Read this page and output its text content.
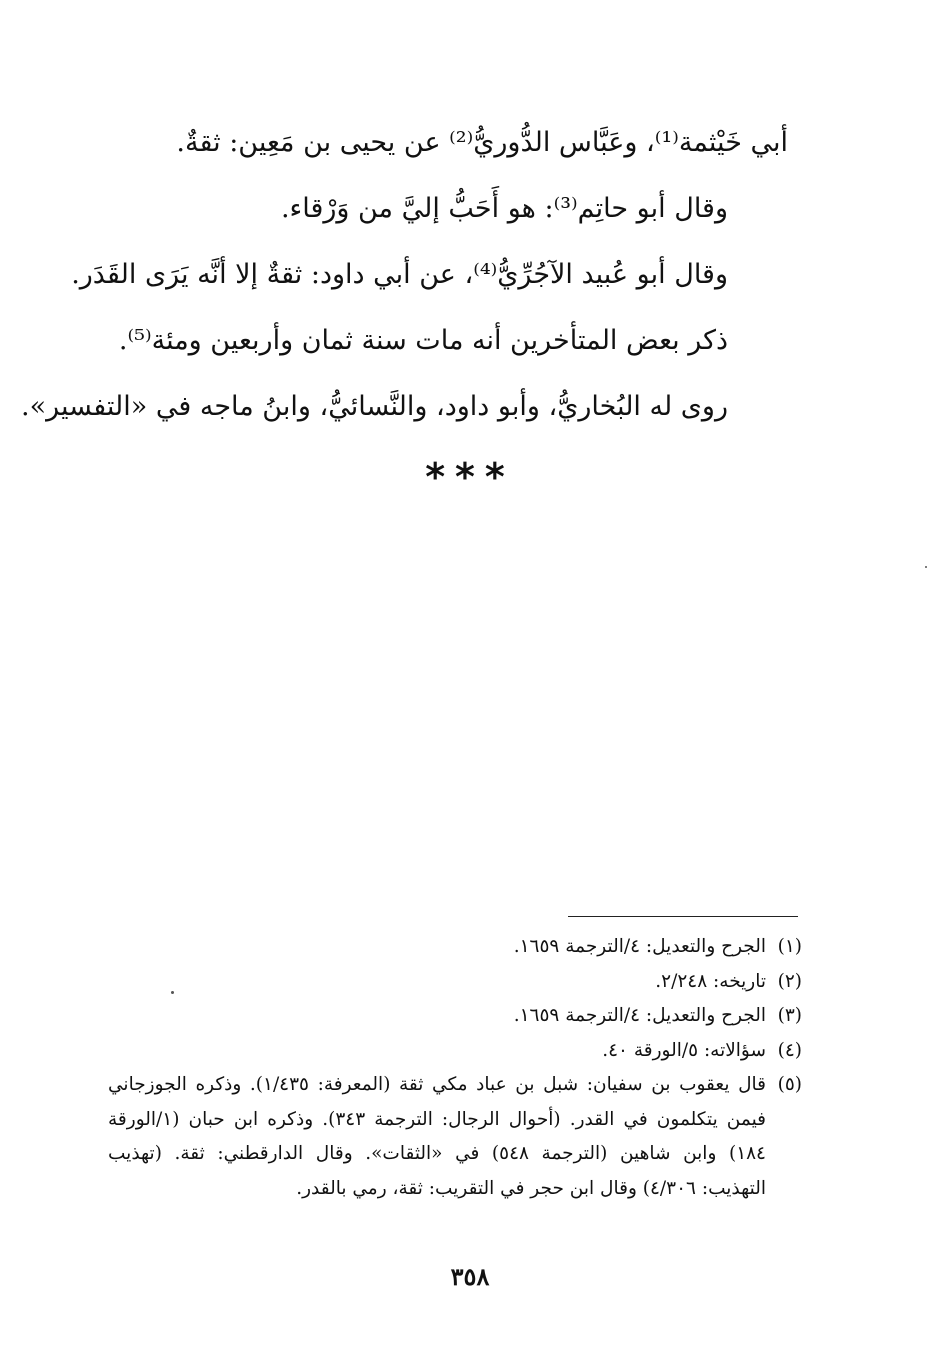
أبي خَيْثمة⁽¹⁾، وعَبَّاس الدُّوريُّ⁽²⁾ عن يحيى بن مَعِين: ثقةٌ.

وقال أبو حاتِم⁽³⁾: هو أَحَبُّ إليَّ من وَرْقاء.

وقال أبو عُبيد الآجُرِّيُّ⁽⁴⁾، عن أبي داود: ثقةٌ إلا أنَّه يَرَى القَدَر.

ذكر بعض المتأخرين أنه مات سنة ثمان وأربعين ومئة⁽⁵⁾.

روى له البُخاريُّ، وأبو داود، والنَّسائيُّ، وابنُ ماجه في «التفسير».

***
(١)
الجرح والتعديل: ٤/الترجمة ١٦٥٩.
(٢)
تاريخه: ٢/٢٤٨.
(٣)
الجرح والتعديل: ٤/الترجمة ١٦٥٩.
(٤)
سؤالاته: ٥/الورقة ٤٠.
(٥)
قال يعقوب بن سفيان: شبل بن عباد مكي ثقة (المعرفة: ١/٤٣٥). وذكره الجوزجاني فيمن يتكلمون في القدر. (أحوال الرجال: الترجمة ٣٤٣). وذكره ابن حبان (١/الورقة ١٨٤) وابن شاهين (الترجمة ٥٤٨) في «الثقات». وقال الدارقطني: ثقة. (تهذيب التهذيب: ٤/٣٠٦) وقال ابن حجر في التقريب: ثقة، رمي بالقدر.
٣٥٨
